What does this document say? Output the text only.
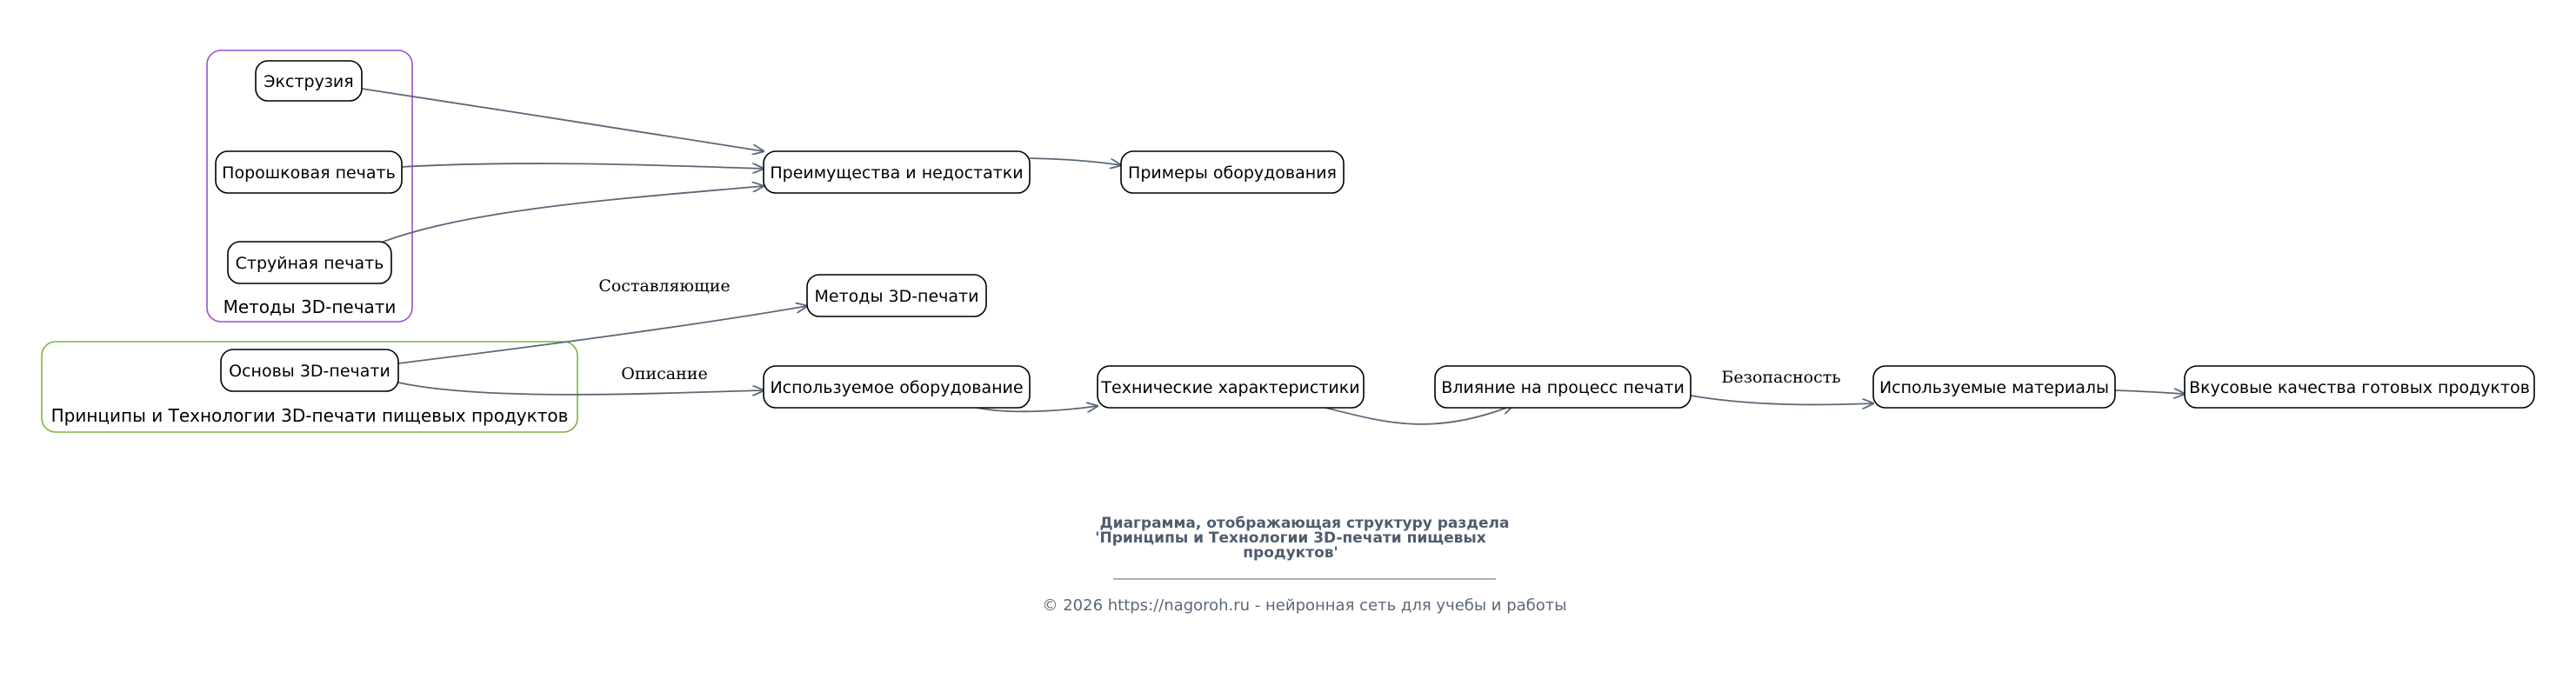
Методы 3D-печати
Принципы и Технологии 3D-печати пищевых продуктов
Составляющие
Описание	Безопасность
Экструзия
Порошковая печать
Струйная печать
Преимущества и недостатки	Примеры оборудования
Методы 3D-печати
Основы 3D-печати
Используемое оборудование	Технические характеристики	Влияние на процесс печати	Используемые материалы	Вкусовые качества готовых продуктов
Диаграмма, отображающая структуру раздела
'Принципы и Технологии 3D-печати пищевых
продуктов'
© 2026 https://nagoroh.ru - нейронная сеть для учебы и работы
